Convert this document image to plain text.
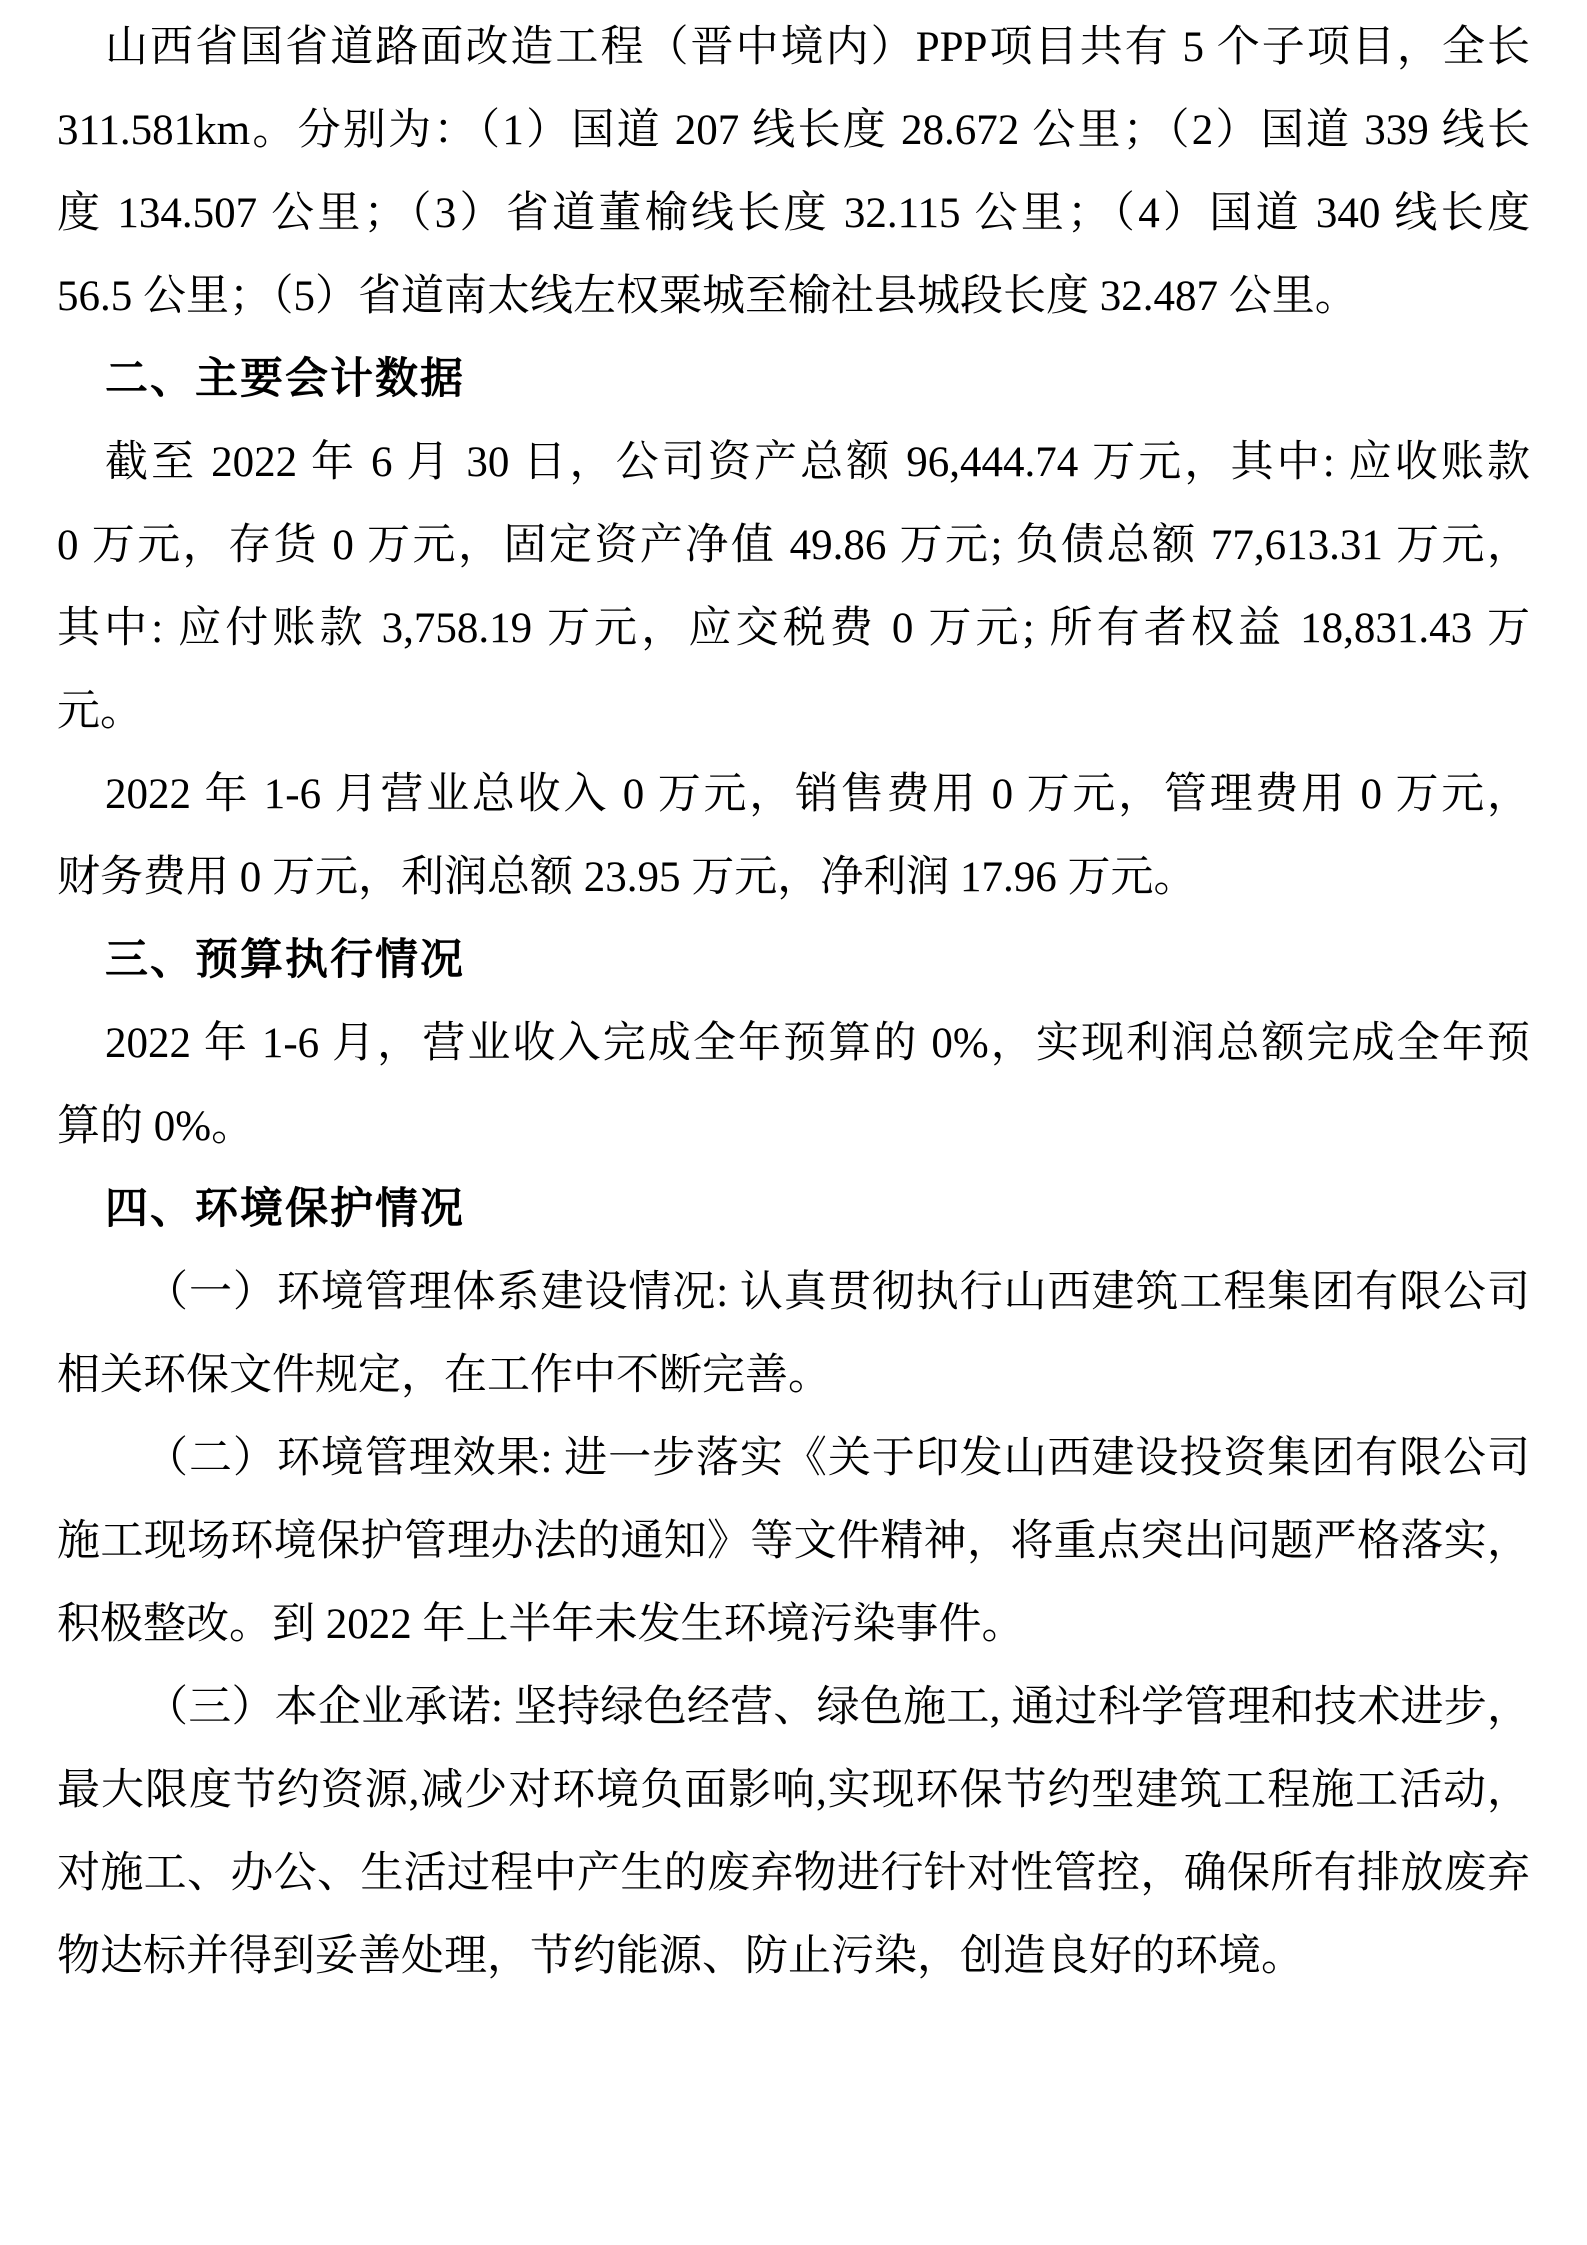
山西省国省道路面改造工程（晋中境内）PPP项目共有 5 个子项目，全长
311.581km。分别为：（1）国道 207 线长度 28.672 公里；（2）国道 339 线长
度 134.507 公里；（3）省道董榆线长度 32.115 公里；（4）国道 340 线长度
56.5 公里；（5）省道南太线左权粟城至榆社县城段长度 32.487 公里。
二、主要会计数据
截至 2022 年 6 月 30 日，公司资产总额 96,444.74 万元，其中: 应收账款
0 万元，存货 0 万元，固定资产净值 49.86 万元; 负债总额 77,613.31 万元，
其中: 应付账款 3,758.19 万元，应交税费 0 万元; 所有者权益 18,831.43 万
元。
2022 年 1-6 月营业总收入 0 万元，销售费用 0 万元，管理费用 0 万元，
财务费用 0 万元，利润总额 23.95 万元，净利润 17.96 万元。
三、预算执行情况
2022 年 1-6 月，营业收入完成全年预算的 0%，实现利润总额完成全年预
算的 0%。
四、环境保护情况
（一）环境管理体系建设情况: 认真贯彻执行山西建筑工程集团有限公司
相关环保文件规定，在工作中不断完善。
（二）环境管理效果: 进一步落实《关于印发山西建设投资集团有限公司
施工现场环境保护管理办法的通知》等文件精神，将重点突出问题严格落实，
积极整改。到 2022 年上半年未发生环境污染事件。
（三）本企业承诺: 坚持绿色经营、绿色施工, 通过科学管理和技术进步，
最大限度节约资源,减少对环境负面影响,实现环保节约型建筑工程施工活动，
对施工、办公、生活过程中产生的废弃物进行针对性管控，确保所有排放废弃
物达标并得到妥善处理，节约能源、防止污染，创造良好的环境。
